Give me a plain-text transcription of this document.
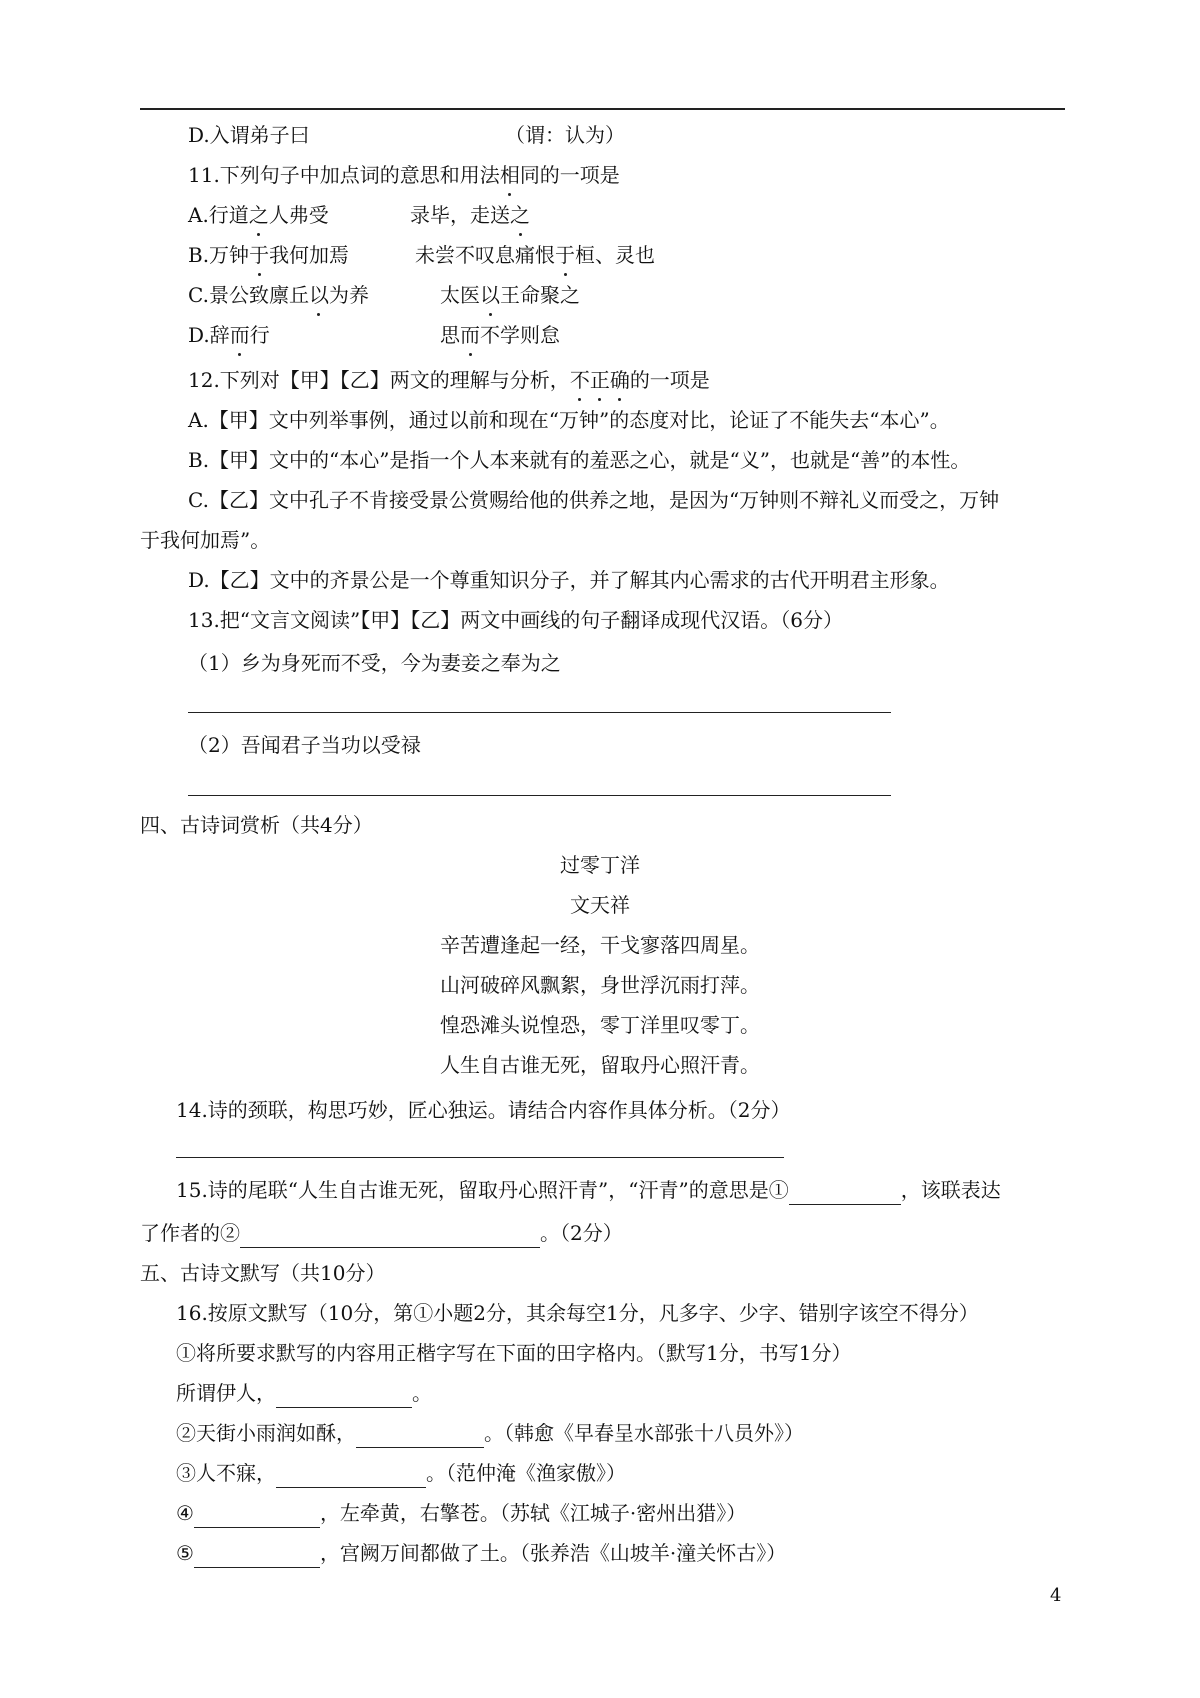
D.入谓弟子曰	（谓：认为）
11.下列句子中加点词的意思和用法相同的一项是
A.行道之人弗受	录毕，走送之
B.万钟于我何加焉	未尝不叹息痛恨于桓、灵也
C.景公致廪丘以为养	太医以王命聚之
D.辞而行	思而不学则怠
12.下列对【甲】【乙】两文的理解与分析，不正确的一项是
A.【甲】文中列举事例，通过以前和现在“万钟”的态度对比，论证了不能失去“本心”。
B.【甲】文中的“本心”是指一个人本来就有的羞恶之心，就是“义”，也就是“善”的本性。
C.【乙】文中孔子不肯接受景公赏赐给他的供养之地，是因为“万钟则不辩礼义而受之，万钟
于我何加焉”。
D.【乙】文中的齐景公是一个尊重知识分子，并了解其内心需求的古代开明君主形象。
13.把“文言文阅读”【甲】【乙】两文中画线的句子翻译成现代汉语。（6分）
（1）乡为身死而不受，今为妻妾之奉为之
（2）吾闻君子当功以受禄
四、古诗词赏析（共4分）
14.诗的颈联，构思巧妙，匠心独运。请结合内容作具体分析。（2分）
15.诗的尾联“人生自古谁无死，留取丹心照汗青”，“汗青”的意思是①	，该联表达
了作者的②	。（2分）
五、古诗文默写（共10分）
16.按原文默写（10分，第①小题2分，其余每空1分，凡多字、少字、错别字该空不得分）
①将所要求默写的内容用正楷字写在下面的田字格内。（默写1分，书写1分）
所谓伊人，	。
②天街小雨润如酥，	。（韩愈《早春呈水部张十八员外》）
③人不寐，	。（范仲淹《渔家傲》）
④	，左牵黄，右擎苍。（苏轼《江城子·密州出猎》）
⑤	，宫阙万间都做了土。（张养浩《山坡羊·潼关怀古》）
过零丁洋
文天祥
辛苦遭逢起一经，干戈寥落四周星。
山河破碎风飘絮，身世浮沉雨打萍。
惶恐滩头说惶恐，零丁洋里叹零丁。
人生自古谁无死，留取丹心照汗青。
4
